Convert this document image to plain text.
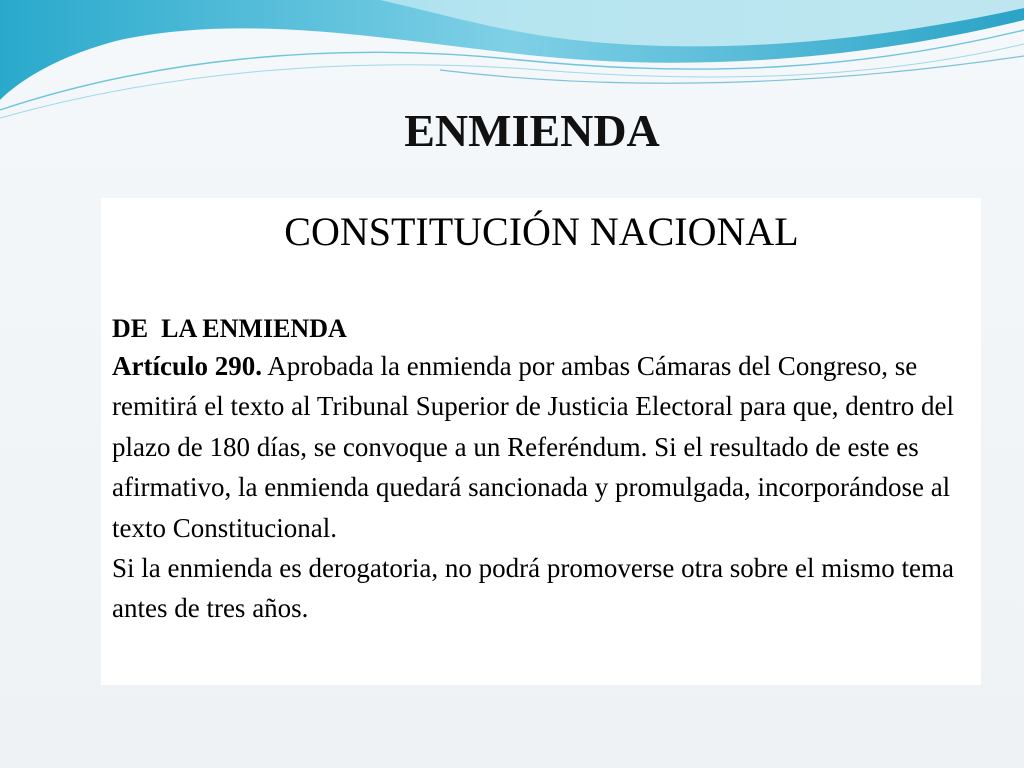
ENMIENDA
CONSTITUCIÓN NACIONAL
DE  LA ENMIENDA

Artículo 290. Aprobada la enmienda por ambas Cámaras del Congreso, se remitirá el texto al Tribunal Superior de Justicia Electoral para que, dentro del plazo de 180 días, se convoque a un Referéndum. Si el resultado de este es afirmativo, la enmienda quedará sancionada y promulgada, incorporándose al texto Constitucional.

Si la enmienda es derogatoria, no podrá promoverse otra sobre el mismo tema antes de tres años.
